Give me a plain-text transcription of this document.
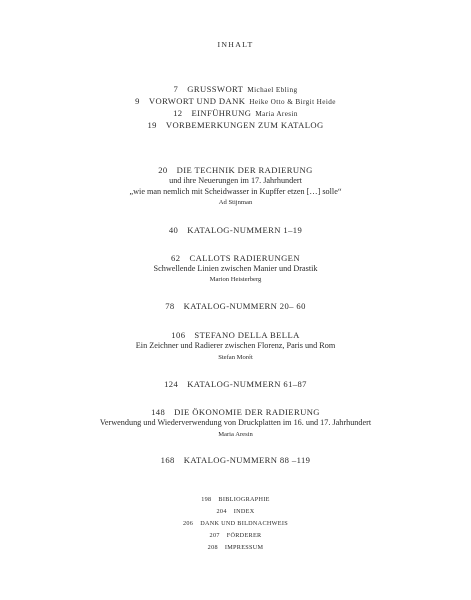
INHALT
7 GRUSSWORT Michael Ebling
9 VORWORT UND DANK Heike Otto & Birgit Heide
12 EINFÜHRUNG Maria Aresin
19 VORBEMERKUNGEN ZUM KATALOG
20 DIE TECHNIK DER RADIERUNG
und ihre Neuerungen im 17. Jahrhundert
„wie man nemlich mit Scheidwasser in Kupffer etzen […] solle“
Ad Stijnman
40 KATALOG-NUMMERN 1–19
62 CALLOTS RADIERUNGEN
Schwellende Linien zwischen Manier und Drastik
Marion Heisterberg
78 KATALOG-NUMMERN 20– 60
106 STEFANO DELLA BELLA
Ein Zeichner und Radierer zwischen Florenz, Paris und Rom
Stefan Morét
124 KATALOG-NUMMERN 61–87
148 DIE ÖKONOMIE DER RADIERUNG
Verwendung und Wiederverwendung von Druckplatten im 16. und 17. Jahrhundert
Maria Aresin
168 KATALOG-NUMMERN 88 –119
198 BIBLIOGRAPHIE
204 INDEX
206 DANK UND BILDNACHWEIS
207 FÖRDERER
208 IMPRESSUM
